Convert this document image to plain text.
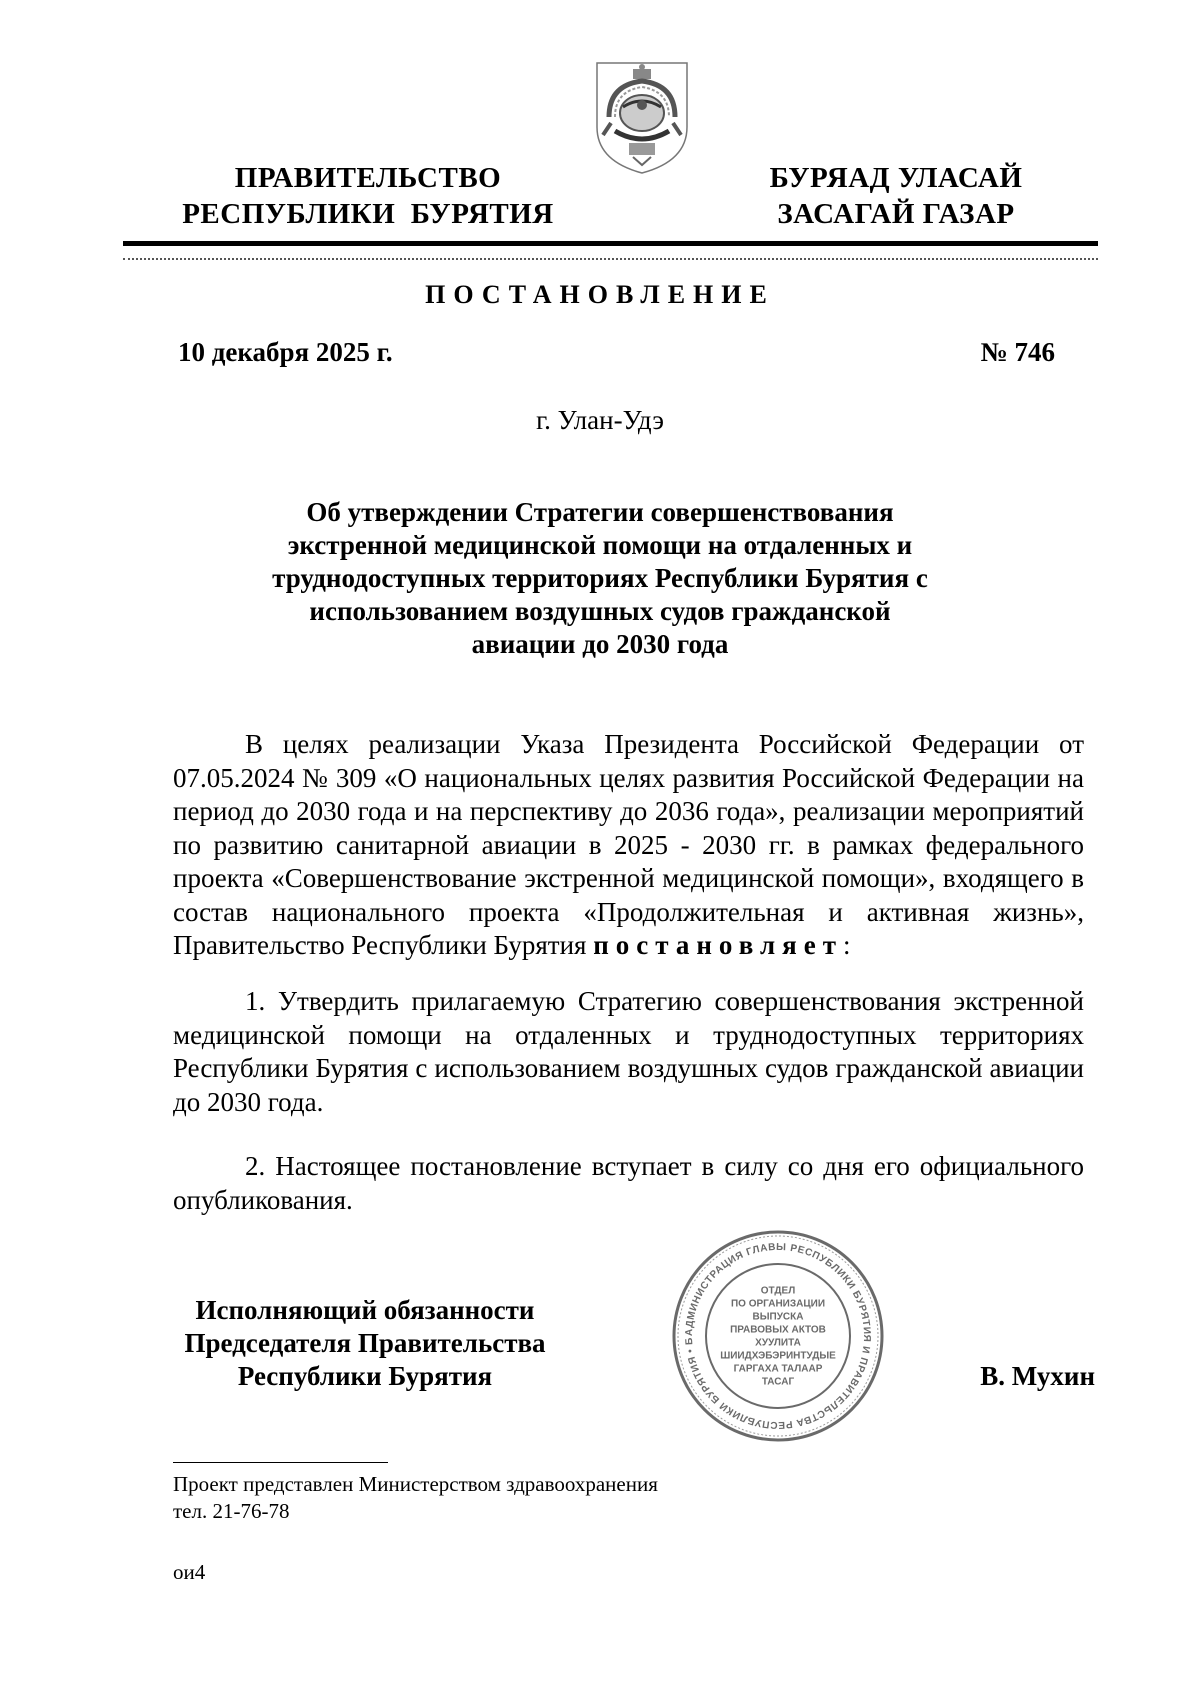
ПРАВИТЕЛЬСТВО
РЕСПУБЛИКИ  БУРЯТИЯ
БУРЯАД УЛАСАЙ
ЗАСАГАЙ ГАЗАР
ПОСТАНОВЛЕНИЕ
10 декабря 2025 г.	№ 746
г. Улан-Удэ
Об утверждении Стратегии совершенствования
экстренной медицинской помощи на отдаленных и
труднодоступных территориях Республики Бурятия с
использованием воздушных судов гражданской
авиации до 2030 года
В целях реализации Указа Президента Российской Федерации от 07.05.2024 № 309 «О национальных целях развития Российской Федерации на период до 2030 года и на перспективу до 2036 года», реализации мероприятий по развитию санитарной авиации в 2025 - 2030 гг. в рамках федерального проекта «Совершенствование экстренной медицинской помощи», входящего в состав национального проекта «Продолжительная и активная жизнь», Правительство Республики Бурятия постановляет:
1. Утвердить прилагаемую Стратегию совершенствования экстренной медицинской помощи на отдаленных и труднодоступных территориях Республики Бурятия с использованием воздушных судов гражданской авиации до 2030 года.
2. Настоящее постановление вступает в силу со дня его официального опубликования.
Исполняющий обязанности
Председателя Правительства
Республики Бурятия
АДМИНИСТРАЦИЯ ГЛАВЫ РЕСПУБЛИКИ БУРЯТИЯ И ПРАВИТЕЛЬСТВА РЕСПУБЛИКИ БУРЯТИЯ • Б
ОТДЕЛ
ПО ОРГАНИЗАЦИИ
ВЫПУСКА
ПРАВОВЫХ АКТОВ
ХУУЛИТА
ШИИДХЭБЭРИНТУДЫЕ
ГАРГАХА ТАЛААР
ТАСАГ	В. Мухин
Проект представлен Министерством здравоохранения
тел. 21-76-78
ои4
